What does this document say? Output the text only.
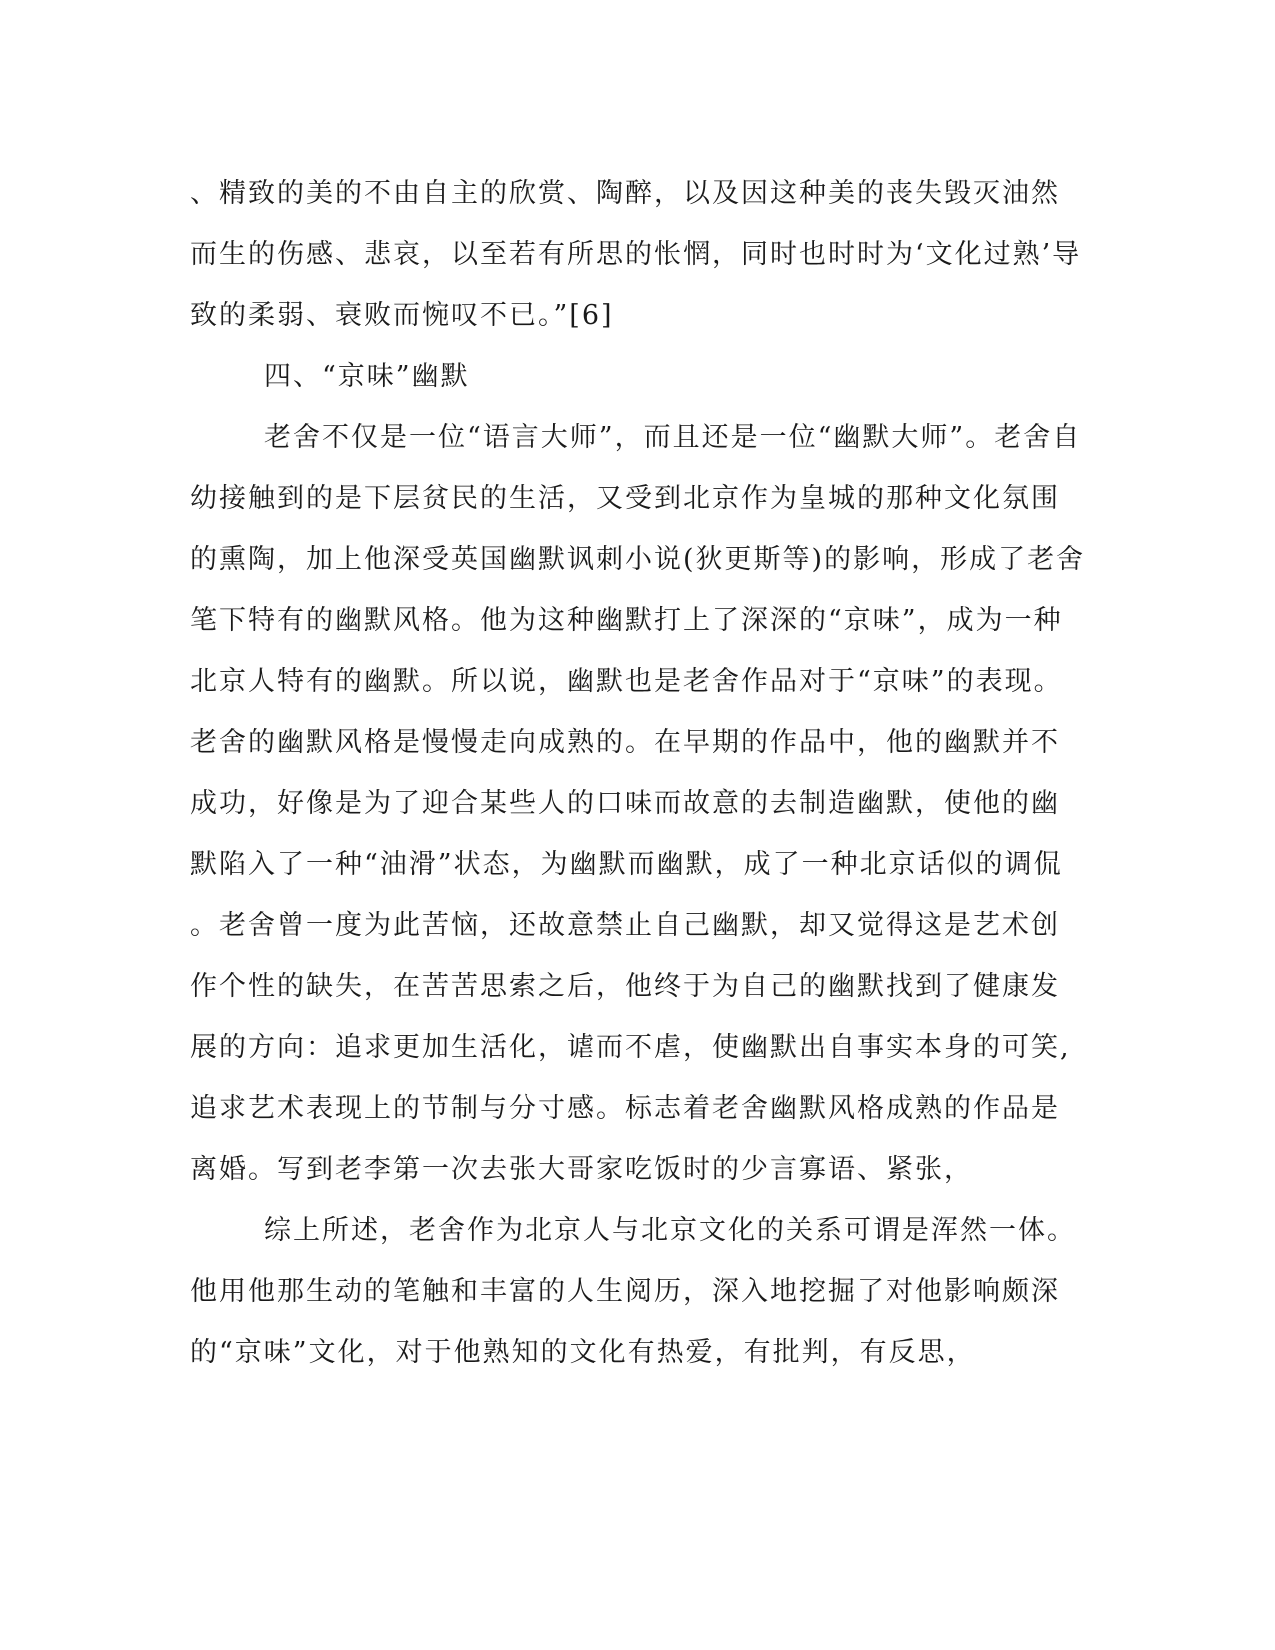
、精致的美的不由自主的欣赏、陶醉，以及因这种美的丧失毁灭油然
而生的伤感、悲哀，以至若有所思的怅惘，同时也时时为‘文化过熟’导
致的柔弱、衰败而惋叹不已。”[6]
四、“京味”幽默
老舍不仅是一位“语言大师”，而且还是一位“幽默大师”。老舍自
幼接触到的是下层贫民的生活，又受到北京作为皇城的那种文化氛围
的熏陶，加上他深受英国幽默讽刺小说(狄更斯等)的影响，形成了老舍
笔下特有的幽默风格。他为这种幽默打上了深深的“京味”，成为一种
北京人特有的幽默。所以说，幽默也是老舍作品对于“京味”的表现。
老舍的幽默风格是慢慢走向成熟的。在早期的作品中，他的幽默并不
成功，好像是为了迎合某些人的口味而故意的去制造幽默，使他的幽
默陷入了一种“油滑”状态，为幽默而幽默，成了一种北京话似的调侃
。老舍曾一度为此苦恼，还故意禁止自己幽默，却又觉得这是艺术创
作个性的缺失，在苦苦思索之后，他终于为自己的幽默找到了健康发
展的方向：追求更加生活化，谑而不虐，使幽默出自事实本身的可笑,
追求艺术表现上的节制与分寸感。标志着老舍幽默风格成熟的作品是
离婚。写到老李第一次去张大哥家吃饭时的少言寡语、紧张，
综上所述，老舍作为北京人与北京文化的关系可谓是浑然一体。
他用他那生动的笔触和丰富的人生阅历，深入地挖掘了对他影响颇深
的“京味”文化，对于他熟知的文化有热爱，有批判，有反思，
